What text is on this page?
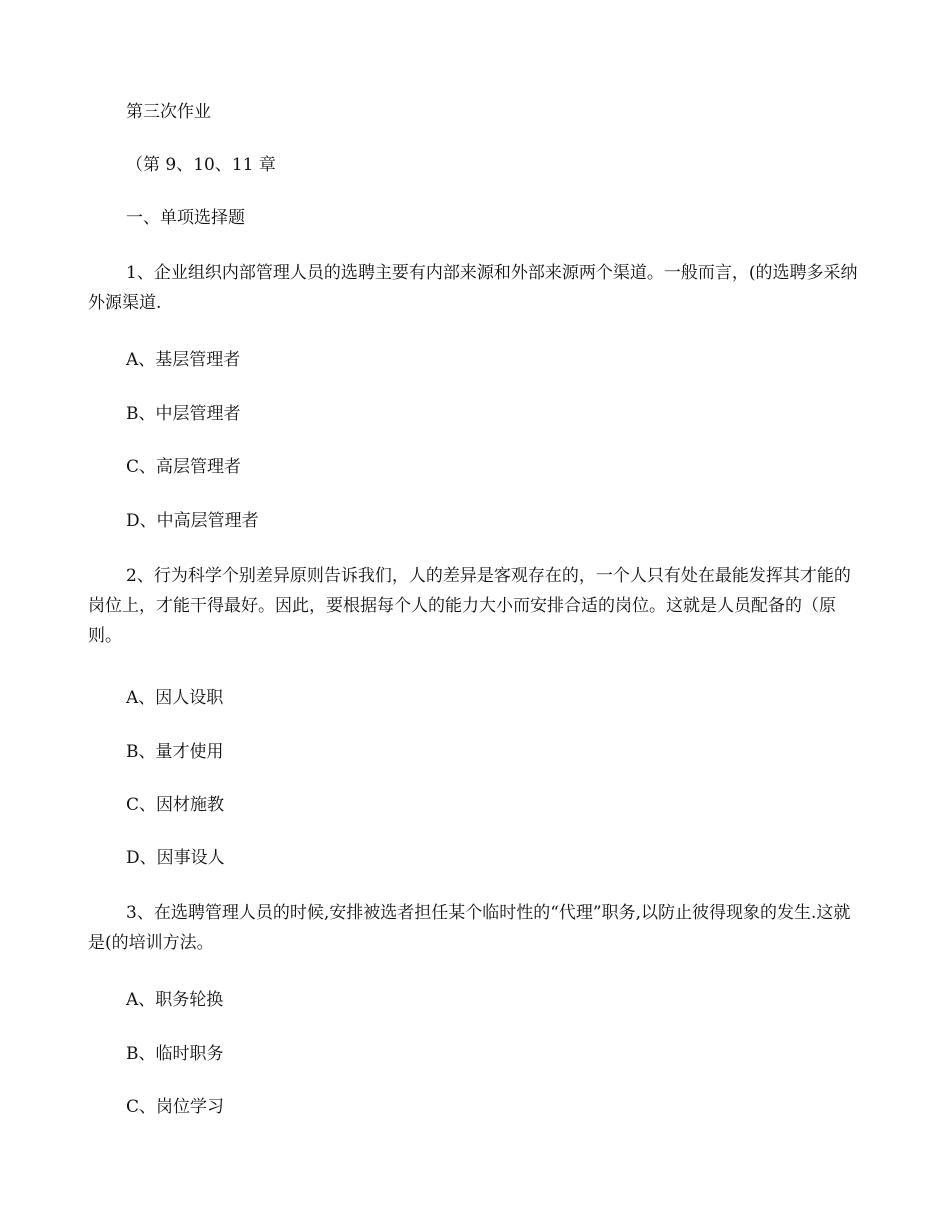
第三次作业
（第 9、10、11 章
一、单项选择题
1、企业组织内部管理人员的选聘主要有内部来源和外部来源两个渠道。一般而言，(的选聘多采纳外源渠道.
A、基层管理者
B、中层管理者
C、高层管理者
D、中高层管理者
2、行为科学个别差异原则告诉我们，人的差异是客观存在的，一个人只有处在最能发挥其才能的岗位上，才能干得最好。因此，要根据每个人的能力大小而安排合适的岗位。这就是人员配备的（原则。
A、因人设职
B、量才使用
C、因材施教
D、因事设人
3、在选聘管理人员的时候,安排被选者担任某个临时性的“代理”职务,以防止彼得现象的发生.这就是(的培训方法。
A、职务轮换
B、临时职务
C、岗位学习
